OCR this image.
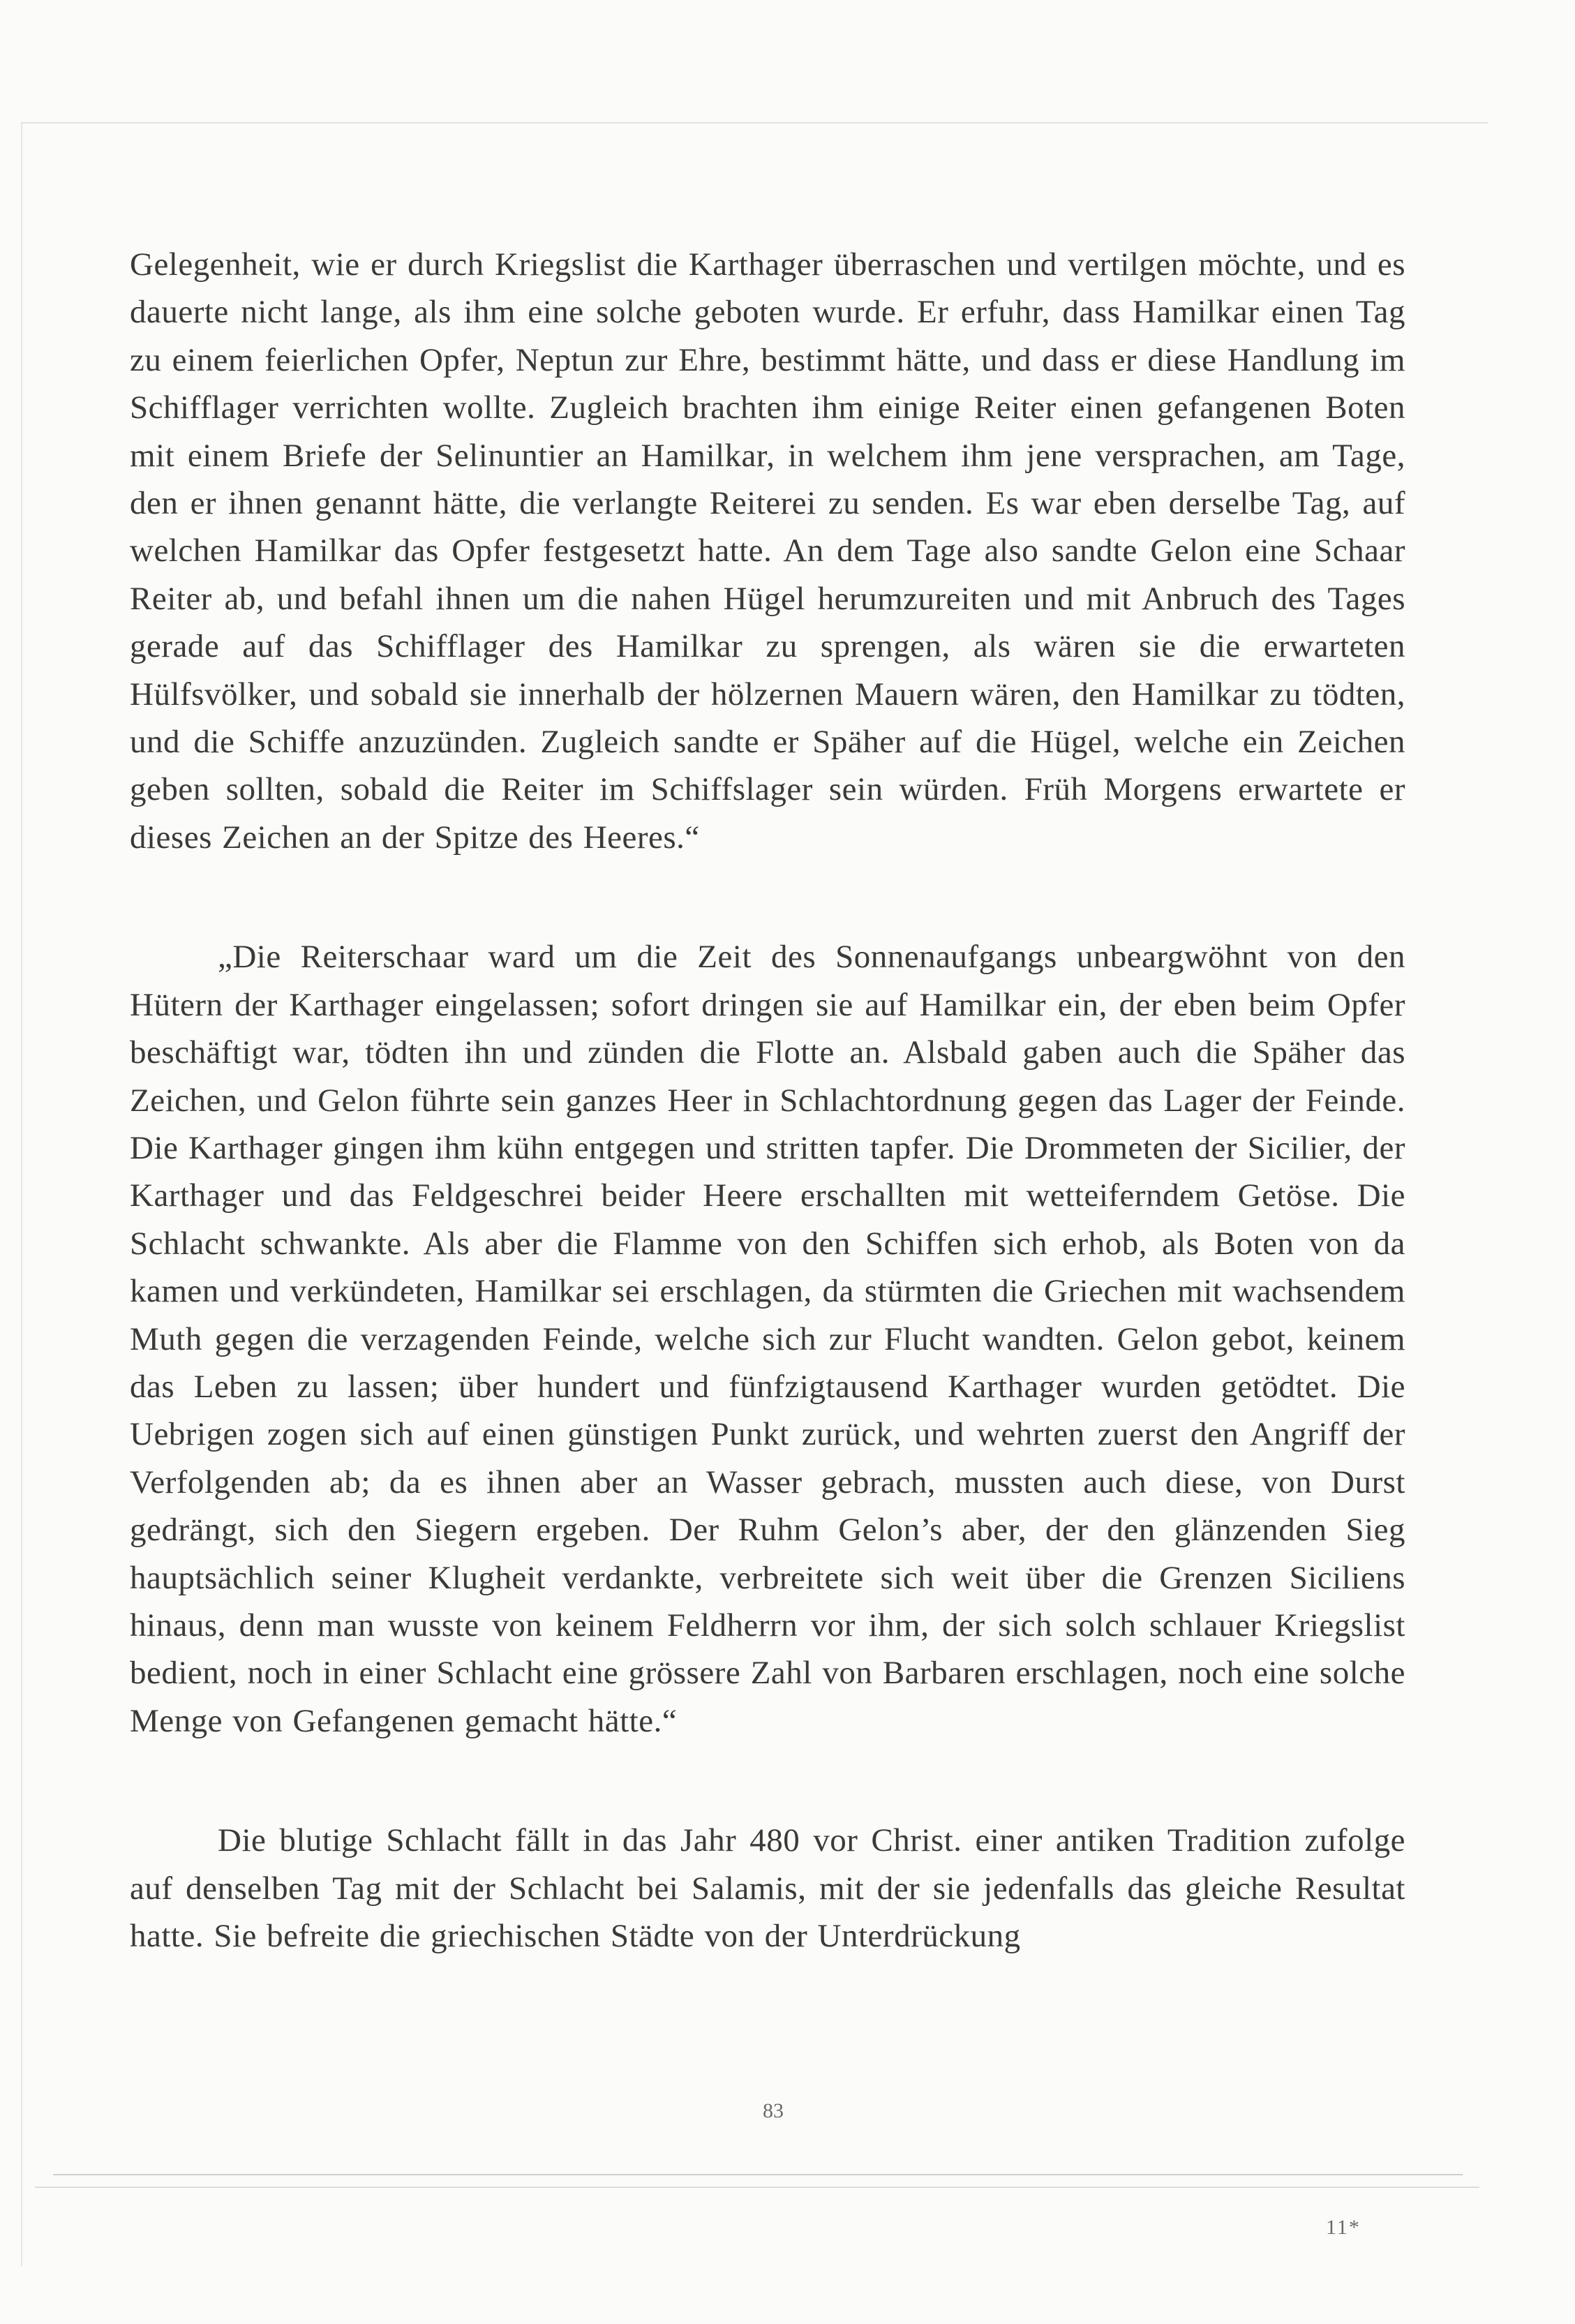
Gelegenheit, wie er durch Kriegslist die Karthager überraschen und vertilgen möchte, und es dauerte nicht lange, als ihm eine solche geboten wurde. Er erfuhr, dass Hamilkar einen Tag zu einem feierlichen Opfer, Neptun zur Ehre, bestimmt hätte, und dass er diese Handlung im Schifflager verrichten wollte. Zugleich brachten ihm einige Reiter einen gefangenen Boten mit einem Briefe der Selinuntier an Hamilkar, in welchem ihm jene versprachen, am Tage, den er ihnen genannt hätte, die verlangte Reiterei zu senden. Es war eben derselbe Tag, auf welchen Hamilkar das Opfer festgesetzt hatte. An dem Tage also sandte Gelon eine Schaar Reiter ab, und befahl ihnen um die nahen Hügel herumzureiten und mit Anbruch des Tages gerade auf das Schifflager des Hamilkar zu sprengen, als wären sie die erwarteten Hülfsvölker, und sobald sie innerhalb der hölzernen Mauern wären, den Hamilkar zu tödten, und die Schiffe anzuzünden. Zugleich sandte er Späher auf die Hügel, welche ein Zeichen geben sollten, sobald die Reiter im Schiffslager sein würden. Früh Morgens erwartete er dieses Zeichen an der Spitze des Heeres.“

„Die Reiterschaar ward um die Zeit des Sonnenaufgangs unbeargwöhnt von den Hütern der Karthager eingelassen; sofort dringen sie auf Hamilkar ein, der eben beim Opfer beschäftigt war, tödten ihn und zünden die Flotte an. Alsbald gaben auch die Späher das Zeichen, und Gelon führte sein ganzes Heer in Schlachtordnung gegen das Lager der Feinde. Die Karthager gingen ihm kühn entgegen und stritten tapfer. Die Drommeten der Sicilier, der Karthager und das Feldgeschrei beider Heere erschallten mit wetteiferndem Getöse. Die Schlacht schwankte. Als aber die Flamme von den Schiffen sich erhob, als Boten von da kamen und verkündeten, Hamilkar sei erschlagen, da stürmten die Griechen mit wachsendem Muth gegen die verzagenden Feinde, welche sich zur Flucht wandten. Gelon gebot, keinem das Leben zu lassen; über hundert und fünfzigtausend Karthager wurden getödtet. Die Uebrigen zogen sich auf einen günstigen Punkt zurück, und wehrten zuerst den Angriff der Verfolgenden ab; da es ihnen aber an Wasser gebrach, mussten auch diese, von Durst gedrängt, sich den Siegern ergeben. Der Ruhm Gelon’s aber, der den glänzenden Sieg hauptsächlich seiner Klugheit verdankte, verbreitete sich weit über die Grenzen Siciliens hinaus, denn man wusste von keinem Feldherrn vor ihm, der sich solch schlauer Kriegslist bedient, noch in einer Schlacht eine grössere Zahl von Barbaren erschlagen, noch eine solche Menge von Gefangenen gemacht hätte.“

Die blutige Schlacht fällt in das Jahr 480 vor Christ. einer antiken Tradition zufolge auf denselben Tag mit der Schlacht bei Salamis, mit der sie jedenfalls das gleiche Resultat hatte. Sie befreite die griechischen Städte von der Unterdrückung

83
11*
